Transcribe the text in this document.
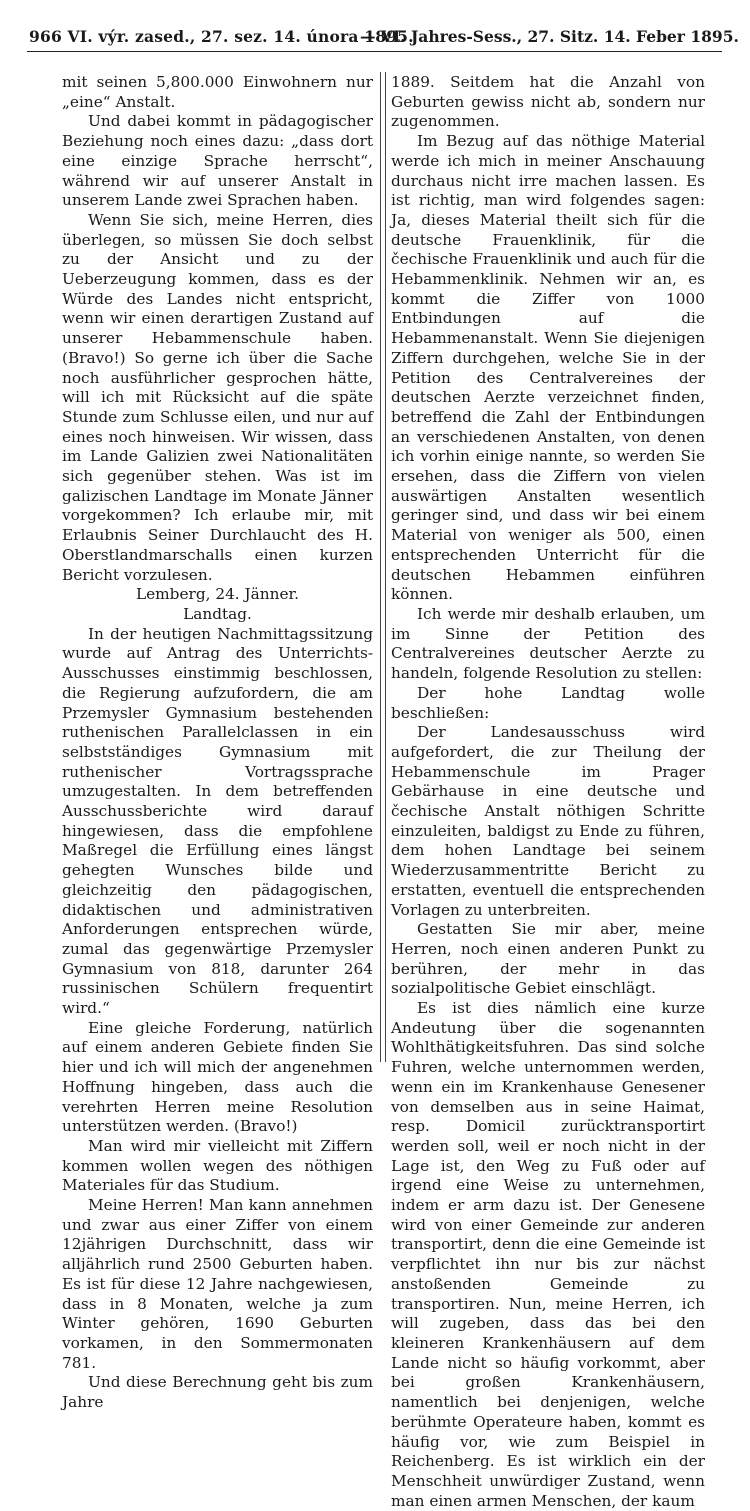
966 VI. výr. zased., 27. sez. 14. února 1895.
— VI. Jahres-Sess., 27. Sitz. 14. Feber 1895.

mit seinen 5,800.000 Einwohnern nur „eine“ Anstalt.

Und dabei kommt in pädagogischer Beziehung noch eines dazu: „dass dort eine einzige Sprache herrscht“, während wir auf unserer Anstalt in unserem Lande zwei Sprachen haben.

Wenn Sie sich, meine Herren, dies überlegen, so müssen Sie doch selbst zu der Ansicht und zu der Ueberzeugung kommen, dass es der Würde des Landes nicht entspricht, wenn wir einen derartigen Zustand auf unserer Hebammenschule haben. (Bravo!) So gerne ich über die Sache noch ausführlicher gesprochen hätte, will ich mit Rücksicht auf die späte Stunde zum Schlusse eilen, und nur auf eines noch hinweisen. Wir wissen, dass im Lande Galizien zwei Nationalitäten sich gegenüber stehen. Was ist im galizischen Landtage im Monate Jänner vorgekommen? Ich erlaube mir, mit Erlaubnis Seiner Durchlaucht des H. Oberstlandmarschalls einen kurzen Bericht vorzulesen.

Lemberg, 24. Jänner.

Landtag.

In der heutigen Nachmittagssitzung wurde auf Antrag des Unterrichts-Ausschusses einstimmig beschlossen, die Regierung aufzufordern, die am Przemysler Gymnasium bestehenden ruthenischen Parallelclassen in ein selbstständiges Gymnasium mit ruthenischer Vortragssprache umzugestalten. In dem betreffenden Ausschussberichte wird darauf hingewiesen, dass die empfohlene Maßregel die Erfüllung eines längst gehegten Wunsches bilde und gleichzeitig den pädagogischen, didaktischen und administrativen Anforderungen entsprechen würde, zumal das gegenwärtige Przemysler Gymnasium von 818, darunter 264 russinischen Schülern frequentirt wird.“

Eine gleiche Forderung, natürlich auf einem anderen Gebiete finden Sie hier und ich will mich der angenehmen Hoffnung hingeben, dass auch die verehrten Herren meine Resolution unterstützen werden. (Bravo!)

Man wird mir vielleicht mit Ziffern kommen wollen wegen des nöthigen Materiales für das Studium.

Meine Herren! Man kann annehmen und zwar aus einer Ziffer von einem 12jährigen Durchschnitt, dass wir alljährlich rund 2500 Geburten haben. Es ist für diese 12 Jahre nachgewiesen, dass in 8 Monaten, welche ja zum Winter gehören, 1690 Geburten vorkamen, in den Sommermonaten 781.

Und diese Berechnung geht bis zum Jahre

1889. Seitdem hat die Anzahl von Geburten gewiss nicht ab, sondern nur zugenommen.

Im Bezug auf das nöthige Material werde ich mich in meiner Anschauung durchaus nicht irre machen lassen. Es ist richtig, man wird folgendes sagen: Ja, dieses Material theilt sich für die deutsche Frauenklinik, für die čechische Frauenklinik und auch für die Hebammenklinik. Nehmen wir an, es kommt die Ziffer von 1000 Entbindungen auf die Hebammenanstalt. Wenn Sie diejenigen Ziffern durchgehen, welche Sie in der Petition des Centralvereines der deutschen Aerzte verzeichnet finden, betreffend die Zahl der Entbindungen an verschiedenen Anstalten, von denen ich vorhin einige nannte, so werden Sie ersehen, dass die Ziffern von vielen auswärtigen Anstalten wesentlich geringer sind, und dass wir bei einem Material von weniger als 500, einen entsprechenden Unterricht für die deutschen Hebammen einführen können.

Ich werde mir deshalb erlauben, um im Sinne der Petition des Centralvereines deutscher Aerzte zu handeln, folgende Resolution zu stellen:

Der hohe Landtag wolle beschließen:

Der Landesausschuss wird aufgefordert, die zur Theilung der Hebammenschule im Prager Gebärhause in eine deutsche und čechische Anstalt nöthigen Schritte einzuleiten, baldigst zu Ende zu führen, dem hohen Landtage bei seinem Wiederzusammentritte Bericht zu erstatten, eventuell die entsprechenden Vorlagen zu unterbreiten.

Gestatten Sie mir aber, meine Herren, noch einen anderen Punkt zu berühren, der mehr in das sozialpolitische Gebiet einschlägt.

Es ist dies nämlich eine kurze Andeutung über die sogenannten Wohlthätigkeitsfuhren. Das sind solche Fuhren, welche unternommen werden, wenn ein im Krankenhause Genesener von demselben aus in seine Haimat, resp. Domicil zurücktransportirt werden soll, weil er noch nicht in der Lage ist, den Weg zu Fuß oder auf irgend eine Weise zu unternehmen, indem er arm dazu ist. Der Genesene wird von einer Gemeinde zur anderen transportirt, denn die eine Gemeinde ist verpflichtet ihn nur bis zur nächst anstoßenden Gemeinde zu transportiren. Nun, meine Herren, ich will zugeben, dass das bei den kleineren Krankenhäusern auf dem Lande nicht so häufig vorkommt, aber bei großen Krankenhäusern, namentlich bei denjenigen, welche berühmte Operateure haben, kommt es häufig vor, wie zum Beispiel in Reichenberg. Es ist wirklich ein der Menschheit unwürdiger Zustand, wenn man einen armen Menschen, der kaum
